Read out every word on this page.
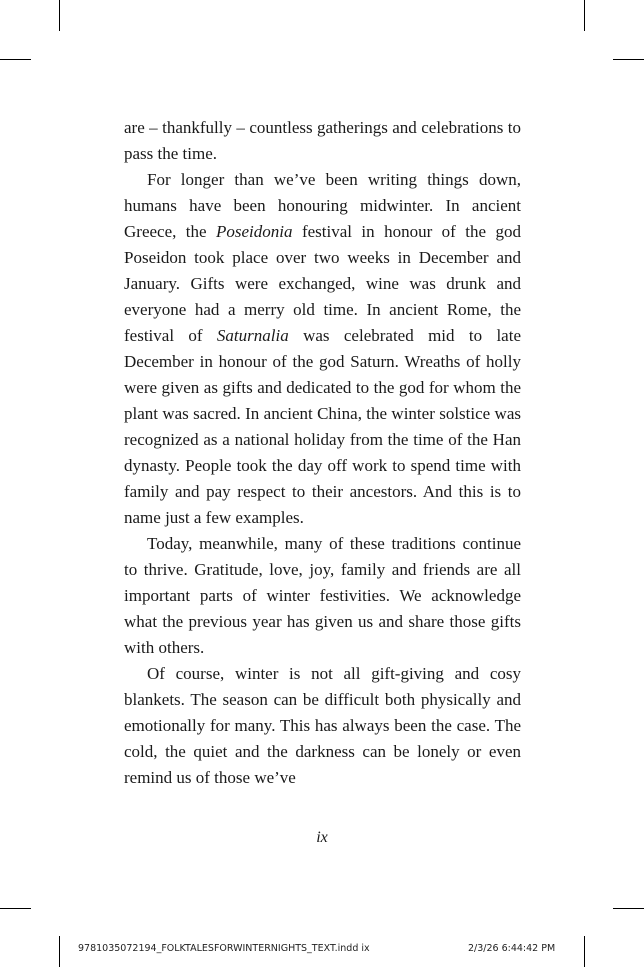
are – thankfully – countless gatherings and celebrations to pass the time.

For longer than we’ve been writing things down, humans have been honouring midwinter. In ancient Greece, the Poseidonia festival in honour of the god Poseidon took place over two weeks in December and January. Gifts were exchanged, wine was drunk and everyone had a merry old time. In ancient Rome, the festival of Saturnalia was celebrated mid to late December in honour of the god Saturn. Wreaths of holly were given as gifts and dedicated to the god for whom the plant was sacred. In ancient China, the winter solstice was recognized as a national holiday from the time of the Han dynasty. People took the day off work to spend time with family and pay respect to their ancestors. And this is to name just a few examples.

Today, meanwhile, many of these traditions continue to thrive. Gratitude, love, joy, family and friends are all important parts of winter festivities. We acknowledge what the previous year has given us and share those gifts with others.

Of course, winter is not all gift-giving and cosy blankets. The season can be difficult both physically and emotionally for many. This has always been the case. The cold, the quiet and the darkness can be lonely or even remind us of those we’ve

ix
9781035072194_FOLKTALESFORWINTERNIGHTS_TEXT.indd ix	2/3/26 6:44:42 PM
